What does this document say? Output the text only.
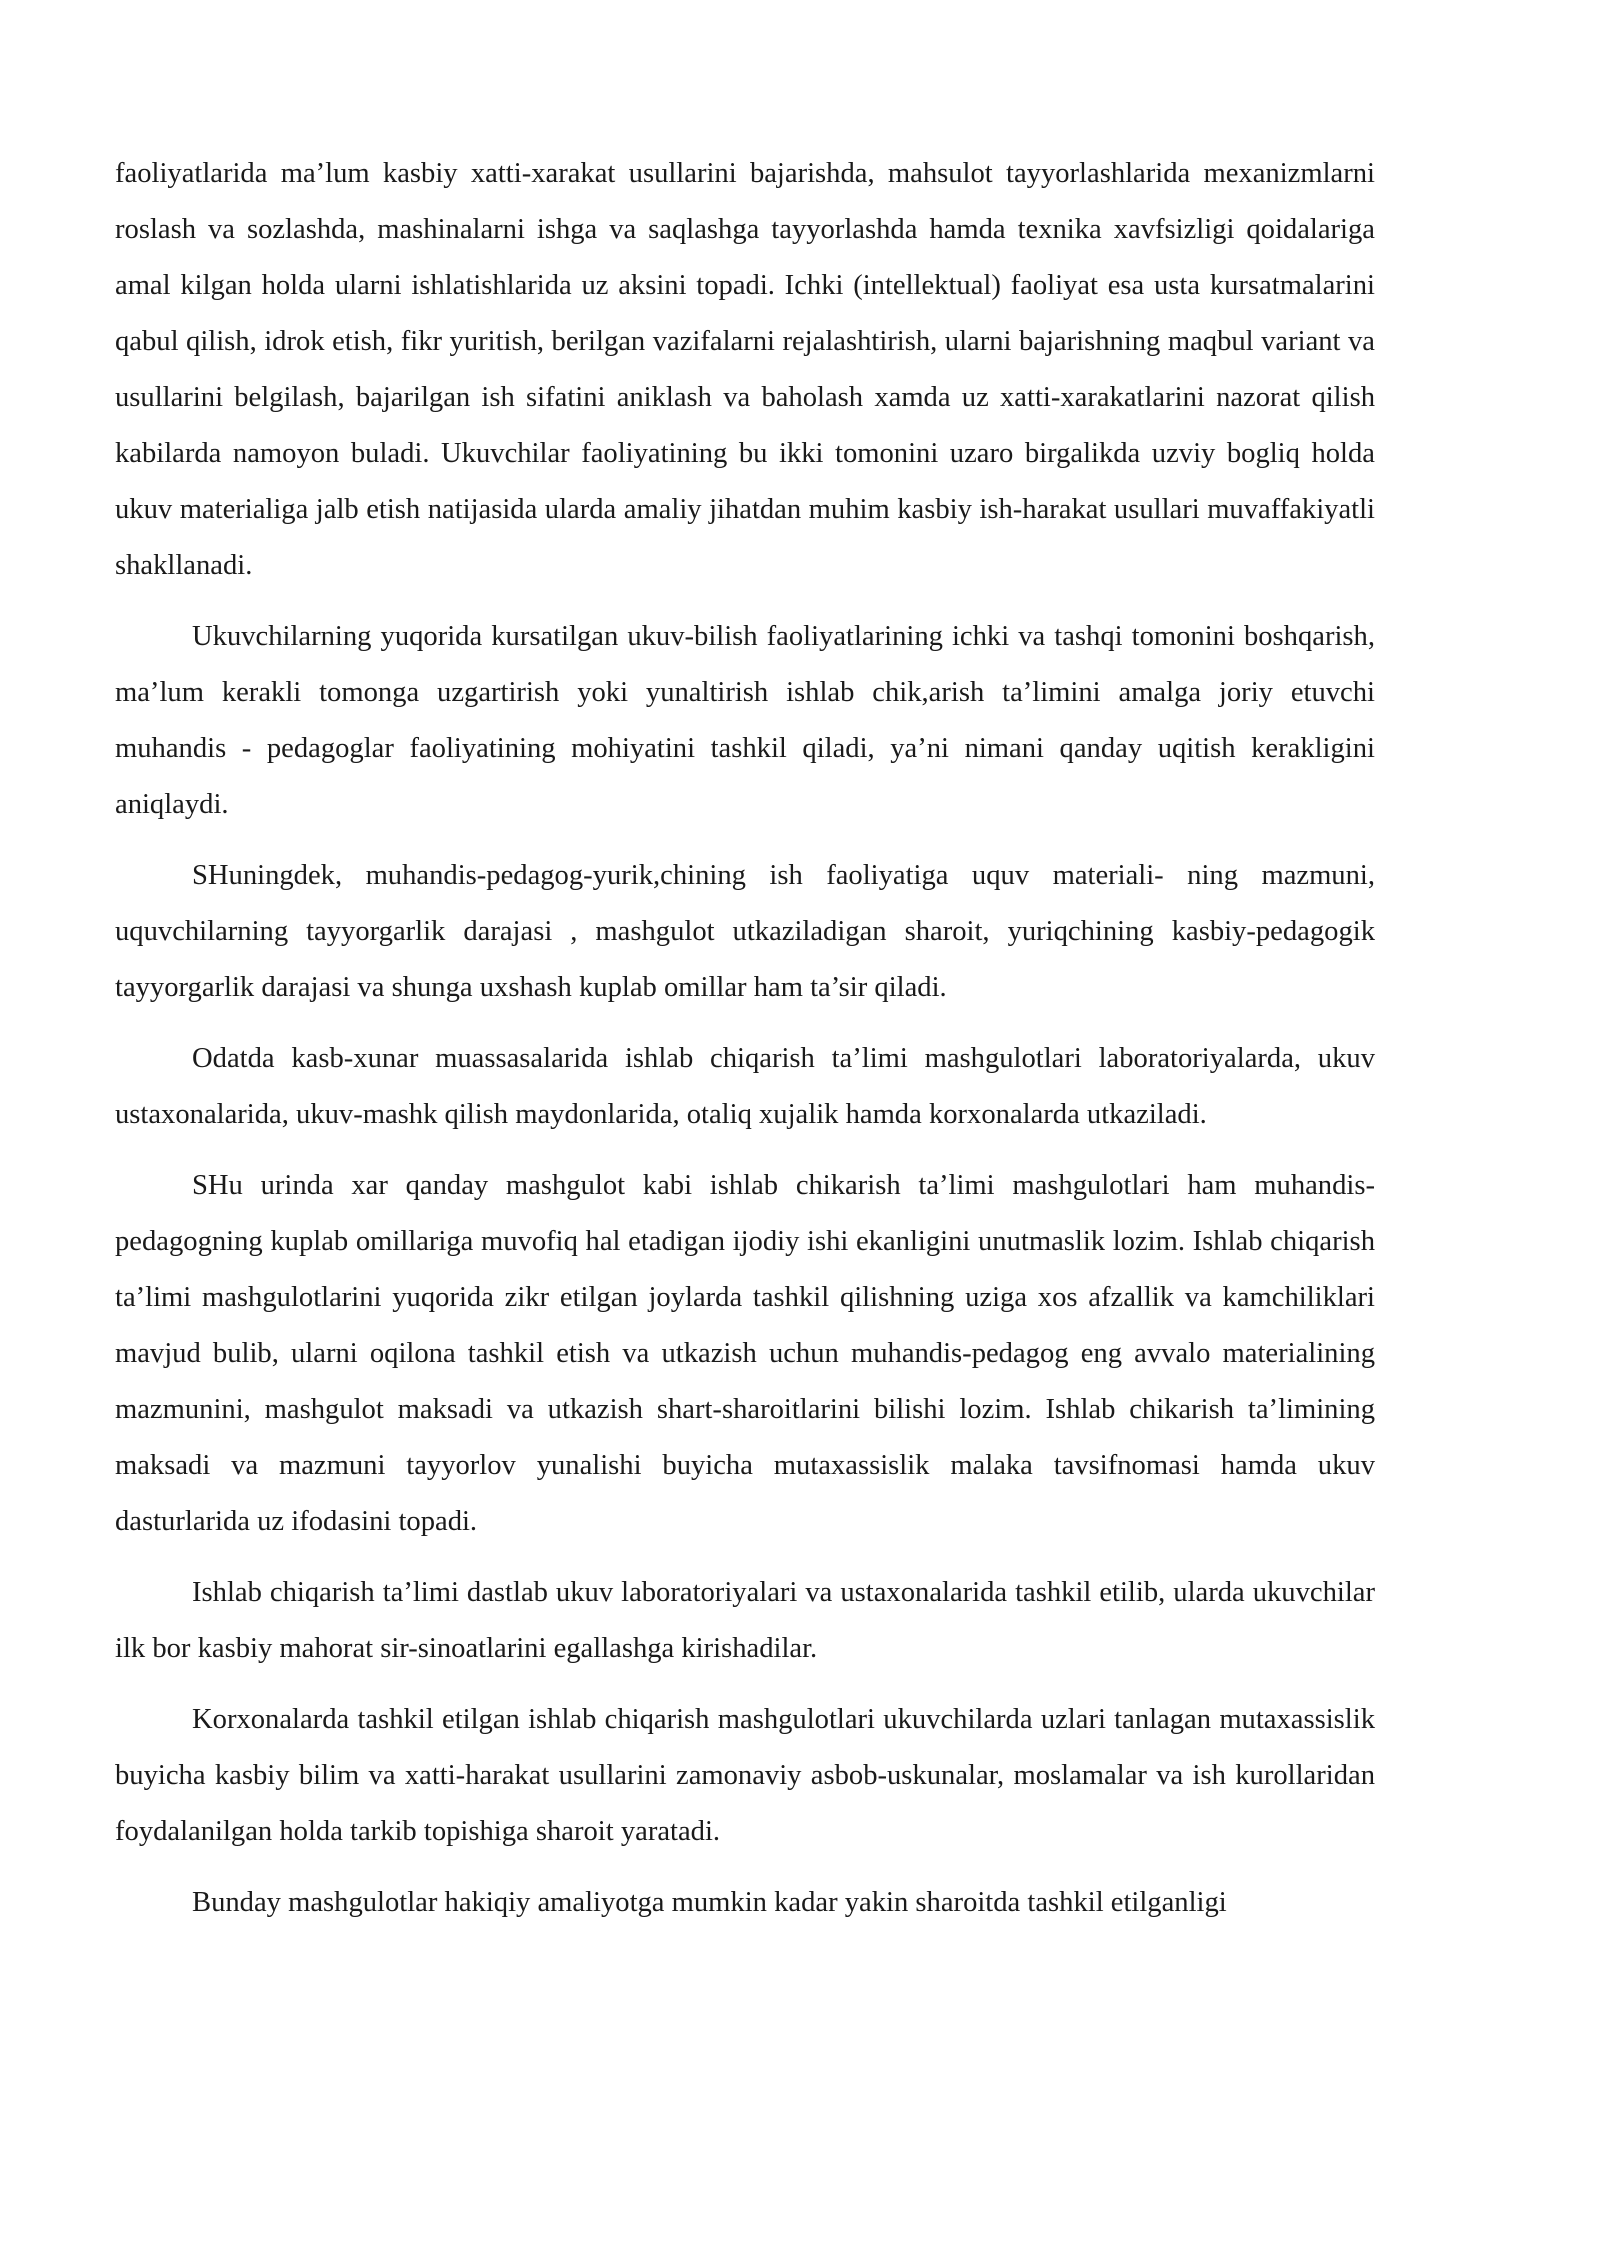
faoliyatlarida ma’lum kasbiy xatti-xarakat usullarini bajarishda, mahsulot tayyorlashlarida mexanizmlarni roslash va sozlashda, mashinalarni ishga va saqlashga tayyorlashda hamda texnika xavfsizligi qoidalariga amal kilgan holda ularni ishlatishlarida uz aksini topadi. Ichki (intellektual) faoliyat esa usta kursatmalarini qabul qilish, idrok etish, fikr yuritish, berilgan vazifalarni rejalashtirish, ularni bajarishning maqbul variant va usullarini belgilash, bajarilgan ish sifatini aniklash va baholash xamda uz xatti-xarakatlarini nazorat qilish kabilarda namoyon buladi. Ukuvchilar faoliyatining bu ikki tomonini uzaro birgalikda uzviy bogliq holda ukuv materialiga jalb etish natijasida ularda amaliy jihatdan muhim kasbiy ish-harakat usullari muvaffakiyatli shakllanadi.

Ukuvchilarning yuqorida kursatilgan ukuv-bilish faoliyatlarining ichki va tashqi tomonini boshqarish, ma’lum kerakli tomonga uzgartirish yoki yunaltirish ishlab chik,arish ta’limini amalga joriy etuvchi muhandis - pedagoglar faoliyatining mohiyatini tashkil qiladi, ya’ni nimani qanday uqitish kerakligini aniqlaydi.

SHuningdek, muhandis-pedagog-yurik,chining ish faoliyatiga uquv materiali- ning mazmuni, uquvchilarning tayyorgarlik darajasi , mashgulot utkaziladigan sharoit, yuriqchining kasbiy-pedagogik tayyorgarlik darajasi va shunga uxshash kuplab omillar ham ta’sir qiladi.

Odatda kasb-xunar muassasalarida ishlab chiqarish ta’limi mashgulotlari laboratoriyalarda, ukuv ustaxonalarida, ukuv-mashk qilish maydonlarida, otaliq xujalik hamda korxonalarda utkaziladi.

SHu urinda xar qanday mashgulot kabi ishlab chikarish ta’limi mashgulotlari ham muhandis-pedagogning kuplab omillariga muvofiq hal etadigan ijodiy ishi ekanligini unutmaslik lozim. Ishlab chiqarish ta’limi mashgulotlarini yuqorida zikr etilgan joylarda tashkil qilishning uziga xos afzallik va kamchiliklari mavjud bulib, ularni oqilona tashkil etish va utkazish uchun muhandis-pedagog eng avvalo materialining mazmunini, mashgulot maksadi va utkazish shart-sharoitlarini bilishi lozim. Ishlab chikarish ta’limining maksadi va mazmuni tayyorlov yunalishi buyicha mutaxassislik malaka tavsifnomasi hamda ukuv dasturlarida uz ifodasini topadi.

Ishlab chiqarish ta’limi dastlab ukuv laboratoriyalari va ustaxonalarida tashkil etilib, ularda ukuvchilar ilk bor kasbiy mahorat sir-sinoatlarini egallashga kirishadilar.

Korxonalarda tashkil etilgan ishlab chiqarish mashgulotlari ukuvchilarda uzlari tanlagan mutaxassislik buyicha kasbiy bilim va xatti-harakat usullarini zamonaviy asbob-uskunalar, moslamalar va ish kurollaridan foydalanilgan holda tarkib topishiga sharoit yaratadi.

Bunday mashgulotlar hakiqiy amaliyotga mumkin kadar yakin sharoitda tashkil etilganligi
